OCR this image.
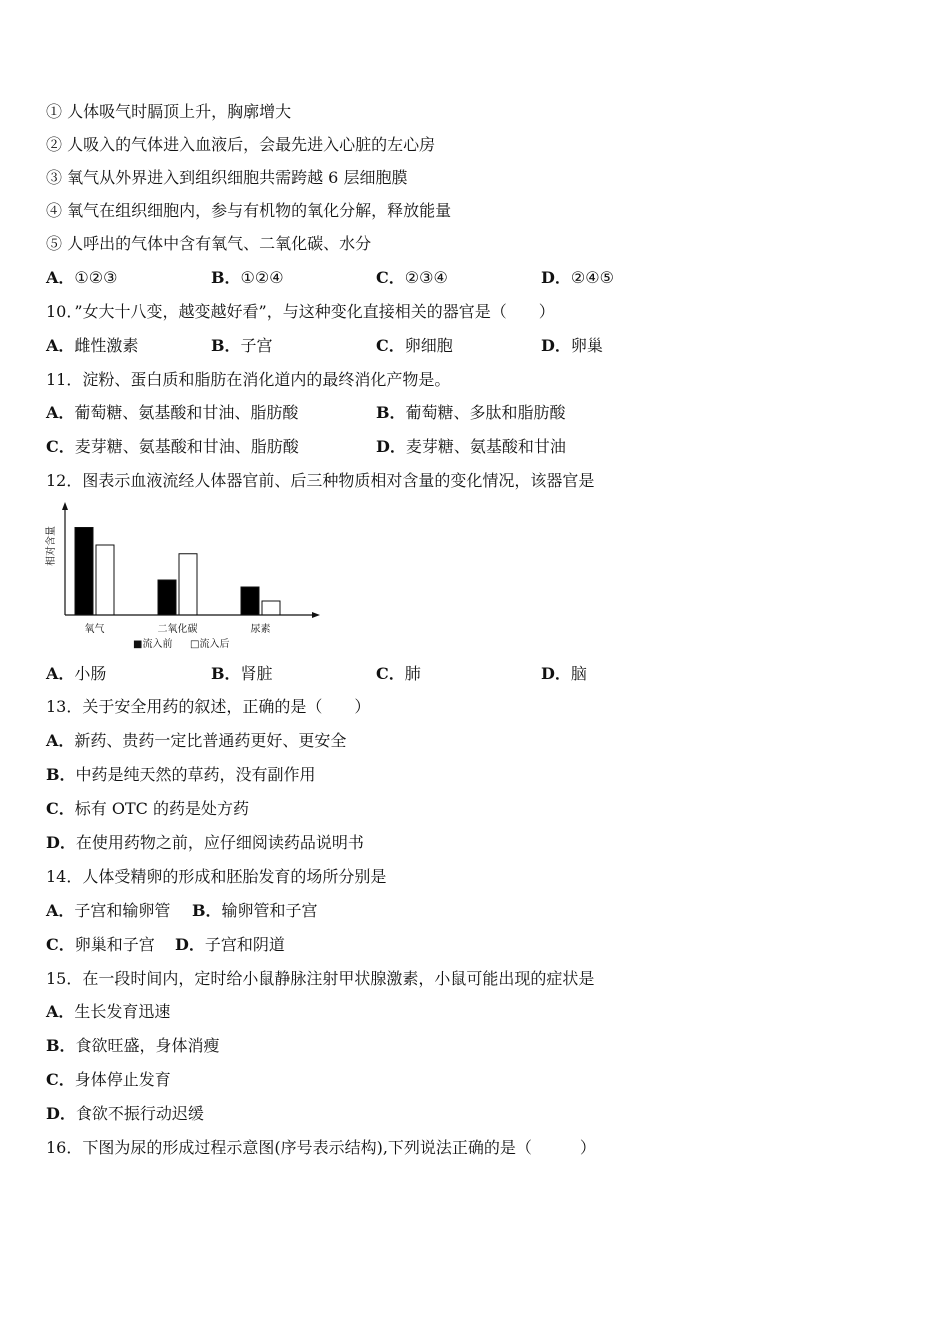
① 人体吸气时膈顶上升，胸廓增大
② 人吸入的气体进入血液后，会最先进入心脏的左心房
③ 氧气从外界进入到组织细胞共需跨越 6 层细胞膜
④ 氧气在组织细胞内，参与有机物的氧化分解，释放能量
⑤ 人呼出的气体中含有氧气、二氧化碳、水分
A．①②③	B．①②④	C．②③④	D．②④⑤
10．”女大十八变，越变越好看”，与这种变化直接相关的器官是（　　）
A．雌性激素	B．子宫	C．卵细胞	D．卵巢
11．淀粉、蛋白质和脂肪在消化道内的最终消化产物是。
A．葡萄糖、氨基酸和甘油、脂肪酸	B．葡萄糖、多肽和脂肪酸
C．麦芽糖、氨基酸和甘油、脂肪酸	D．麦芽糖、氨基酸和甘油
12．图表示血液流经人体器官前、后三种物质相对含量的变化情况，该器官是
相对含量
氧气	二氧化碳	尿素
■流入前 □流入后
A．小肠	B．肾脏	C．肺	D．脑
13．关于安全用药的叙述，正确的是（　　）
A．新药、贵药一定比普通药更好、更安全
B．中药是纯天然的草药，没有副作用
C．标有 OTC 的药是处方药
D．在使用药物之前，应仔细阅读药品说明书
14．人体受精卵的形成和胚胎发育的场所分别是
A．子宫和输卵管 B．输卵管和子宫
C．卵巢和子宫 D．子宫和阴道
15．在一段时间内，定时给小鼠静脉注射甲状腺激素，小鼠可能出现的症状是
A．生长发育迅速
B．食欲旺盛，身体消瘦
C．身体停止发育
D．食欲不振行动迟缓
16．下图为尿的形成过程示意图(序号表示结构),下列说法正确的是（　　　）
